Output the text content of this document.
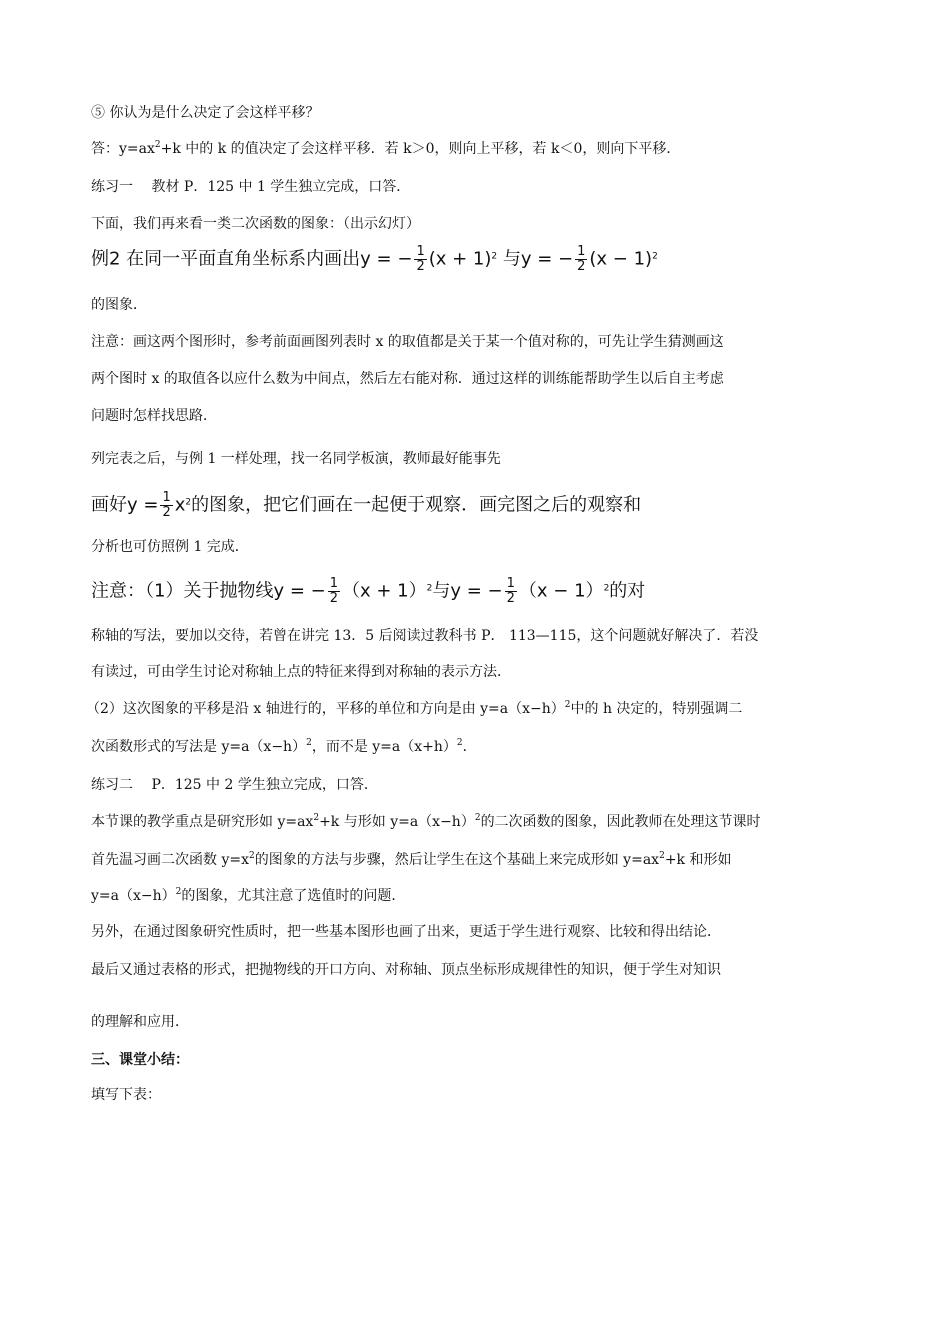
⑤ 你认为是什么决定了会这样平移？
答：$y=ax^2+k$ 中的 k 的值决定了会这样平移．若 k＞0，则向上平移，若 k＜0，则向下平移．
练习一　 教材 P．125 中 1 学生独立完成，口答．
下面，我们再来看一类二次函数的图象：（出示幻灯）
例2 在同一平面直角坐标系内画出y = − $\frac{1}{2} (x + 1)^2$ 与y = − $\frac{1}{2} (x - 1)^2$
的图象．
注意：画这两个图形时，参考前面画图列表时 x 的取值都是关于某一个值对称的，可先让学生猜测画这
两个图时 x 的取值各以应什么数为中间点，然后左右能对称．通过这样的训练能帮助学生以后自主考虑
问题时怎样找思路．
列完表之后，与例 1 一样处理，找一名同学板演，教师最好能事先
画好$y = \frac{1}{2} x^2$的图象，把它们画在一起便于观察．画完图之后的观察和
分析也可仿照例 1 完成．
注意：（1）关于抛物线y = − $\frac{1}{2} (x + 1)^2$与y = − $\frac{1}{2} (x - 1)^2$的对
称轴的写法，要加以交待，若曾在讲完 13．5 后阅读过教科书 P． 113—115，这个问题就好解决了．若没
有读过，可由学生讨论对称轴上点的特征来得到对称轴的表示方法．
（2）这次图象的平移是沿 x 轴进行的，平移的单位和方向是由 $y=a(x-h)^2$中的 h 决定的，特别强调二
次函数形式的写法是 $y=a(x-h)^2$，而不是 $y=a(x+h)^2$．
练习二　 P．125 中 2 学生独立完成，口答．
本节课的教学重点是研究形如 $y=ax^2+k$ 与形如 $y=a(x-h)^2$的二次函数的图象，因此教师在处理这节课时
首先温习画二次函数 $y=x^2$的图象的方法与步骤，然后让学生在这个基础上来完成形如 $y=ax^2+k$ 和形如
$y=a(x-h)^2$的图象，尤其注意了选值时的问题．
另外，在通过图象研究性质时，把一些基本图形也画了出来，更适于学生进行观察、比较和得出结论．
最后又通过表格的形式，把抛物线的开口方向、对称轴、顶点坐标形成规律性的知识，便于学生对知识
的理解和应用．
三、课堂小结：
填写下表：
